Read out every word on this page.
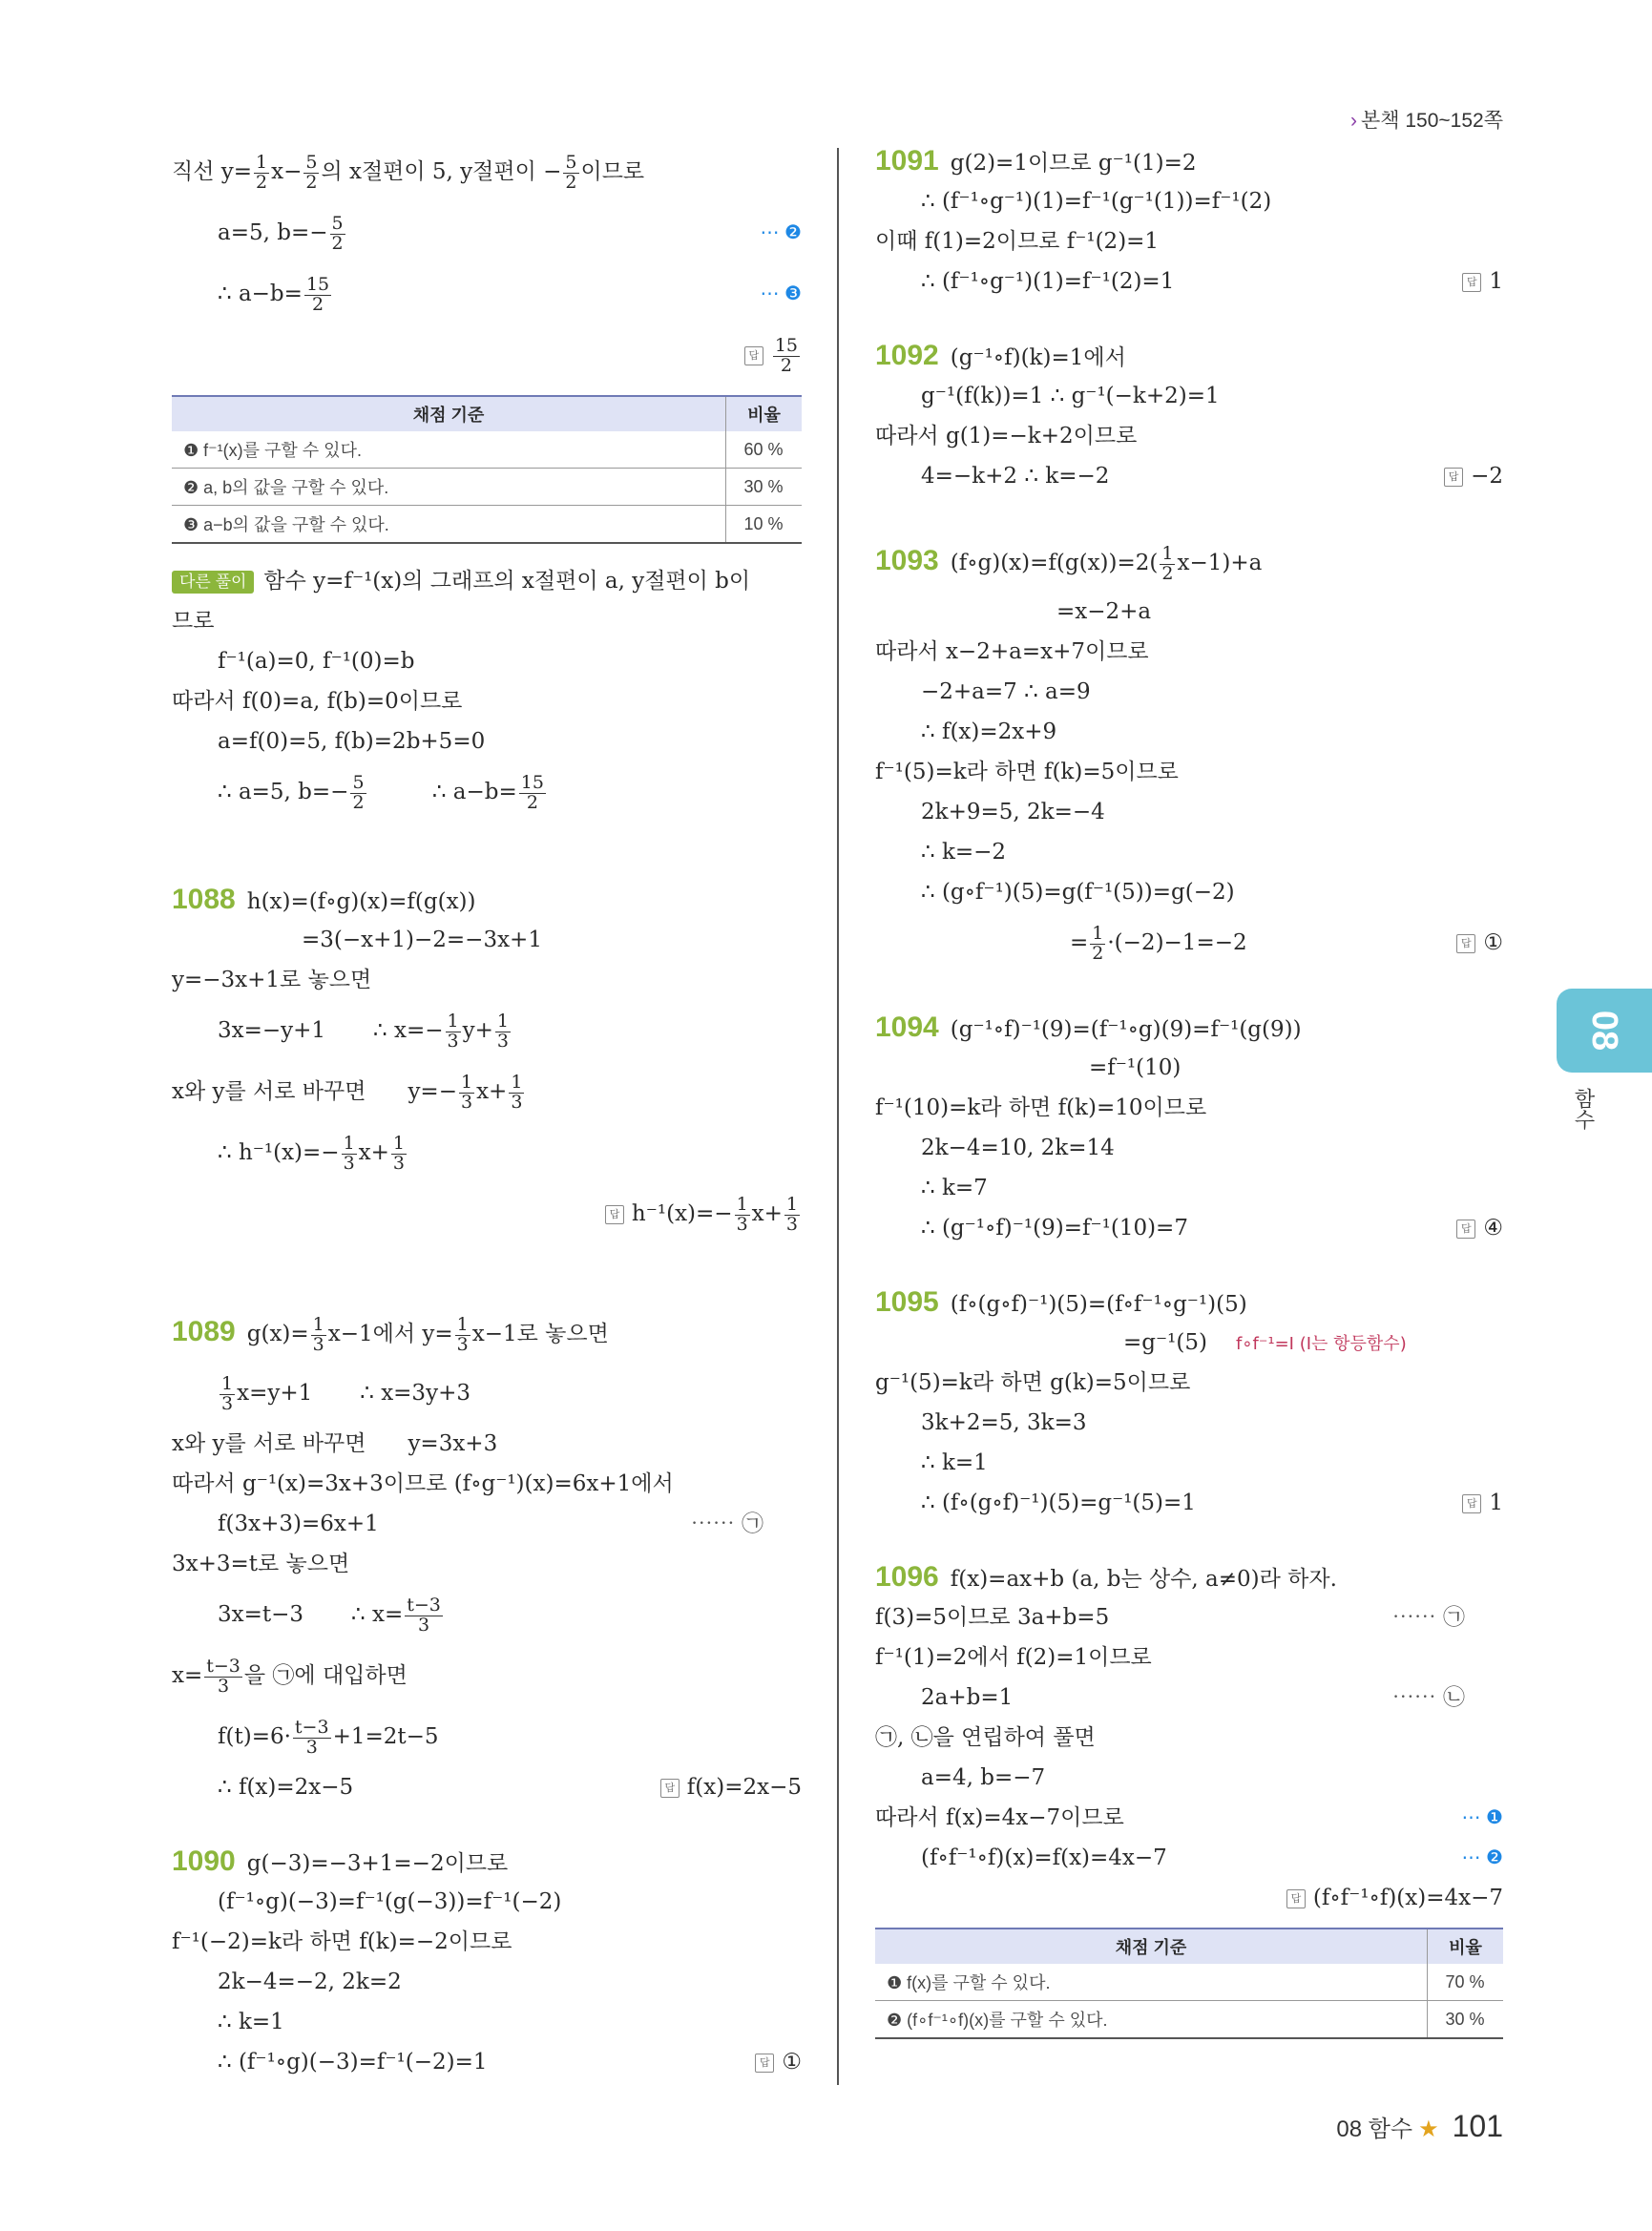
› 본책 150~152쪽
직선 $y= \frac{1}{2} x- \frac{5}{2}$ 의 x절편이 5, y절편이 − $\frac{5}{2}$ 이므로
a=5, $b=- \frac{5}{2}$	⋯ ❷
∴ $a-b= \frac{15}{2}$	⋯ ❸
답 $\frac{15}{2}$
채점 기준	비율
❶ f⁻¹(x)를 구할 수 있다.	60 %
❷ a, b의 값을 구할 수 있다.	30 %
❸ a−b의 값을 구할 수 있다.	10 %
다른 풀이 함수 y=f⁻¹(x)의 그래프의 x절편이 a, y절편이 b이
므로
f⁻¹(a)=0, f⁻¹(0)=b
따라서 f(0)=a, f(b)=0이므로
a=f(0)=5, f(b)=2b+5=0
∴ a=5, $b=- \frac{5}{2}$	∴ $a-b= \frac{15}{2}$
1088 h(x)=(f∘g)(x)=f(g(x))
=3(−x+1)−2=−3x+1
y=−3x+1로 놓으면
3x=−y+1 ∴ $x=- \frac{1}{3} y+ \frac{1}{3}$
x와 y를 서로 바꾸면 $y=- \frac{1}{3} x+ \frac{1}{3}$
∴ $h^{-1}(x)=- \frac{1}{3} x+ \frac{1}{3}$
답 $h^{-1}(x)=- \frac{1}{3} x+ \frac{1}{3}$
1089 $g(x)= \frac{1}{3} x-1$에서 $y= \frac{1}{3} x-1$로 놓으면
$\frac{1}{3} x=y+1$ ∴ x=3y+3
x와 y를 서로 바꾸면 y=3x+3
따라서 g⁻¹(x)=3x+3이므로 (f∘g⁻¹)(x)=6x+1에서
f(3x+3)=6x+1	⋯⋯ ㉠
3x+3=t로 놓으면
3x=t−3 ∴ $x= \frac{t-3}{3}$
$x= \frac{t-3}{3}$ 을 ㉠에 대입하면
$f(t)=6\cdot \frac{t-3}{3} +1=2t-5$
∴ f(x)=2x−5	답 f(x)=2x−5
1090 g(−3)=−3+1=−2이므로
(f⁻¹∘g)(−3)=f⁻¹(g(−3))=f⁻¹(−2)
f⁻¹(−2)=k라 하면 f(k)=−2이므로
2k−4=−2, 2k=2
∴ k=1
∴ (f⁻¹∘g)(−3)=f⁻¹(−2)=1	답 ①
1091 g(2)=1이므로 g⁻¹(1)=2
∴ (f⁻¹∘g⁻¹)(1)=f⁻¹(g⁻¹(1))=f⁻¹(2)
이때 f(1)=2이므로 f⁻¹(2)=1
∴ (f⁻¹∘g⁻¹)(1)=f⁻¹(2)=1	답 1
1092 (g⁻¹∘f)(k)=1에서
g⁻¹(f(k))=1 ∴ g⁻¹(−k+2)=1
따라서 g(1)=−k+2이므로
4=−k+2 ∴ k=−2	답 −2
1093 (f∘g)(x)=f(g(x))=2( $\frac{1}{2} x-1)+a$
=x−2+a
따라서 x−2+a=x+7이므로
−2+a=7 ∴ a=9
∴ f(x)=2x+9
f⁻¹(5)=k라 하면 f(k)=5이므로
2k+9=5, 2k=−4
∴ k=−2
∴ (g∘f⁻¹)(5)=g(f⁻¹(5))=g(−2)
= $\frac{1}{2} \cdot(-2)-1=-2$	답 ①
1094 (g⁻¹∘f)⁻¹(9)=(f⁻¹∘g)(9)=f⁻¹(g(9))
=f⁻¹(10)
f⁻¹(10)=k라 하면 f(k)=10이므로
2k−4=10, 2k=14
∴ k=7
∴ (g⁻¹∘f)⁻¹(9)=f⁻¹(10)=7	답 ④
1095 (f∘(g∘f)⁻¹)(5)=(f∘f⁻¹∘g⁻¹)(5)
=g⁻¹(5) f∘f⁻¹=I (I는 항등함수)
g⁻¹(5)=k라 하면 g(k)=5이므로
3k+2=5, 3k=3
∴ k=1
∴ (f∘(g∘f)⁻¹)(5)=g⁻¹(5)=1	답 1
1096 f(x)=ax+b (a, b는 상수, a≠0)라 하자.
f(3)=5이므로 3a+b=5	⋯⋯ ㉠
f⁻¹(1)=2에서 f(2)=1이므로
2a+b=1	⋯⋯ ㉡
㉠, ㉡을 연립하여 풀면
a=4, b=−7
따라서 f(x)=4x−7이므로	⋯ ❶
(f∘f⁻¹∘f)(x)=f(x)=4x−7	⋯ ❷
답 (f∘f⁻¹∘f)(x)=4x−7
채점 기준	비율
❶ f(x)를 구할 수 있다.	70 %
❷ (f∘f⁻¹∘f)(x)를 구할 수 있다.	30 %
08
함수
08 함수 ★ 101
